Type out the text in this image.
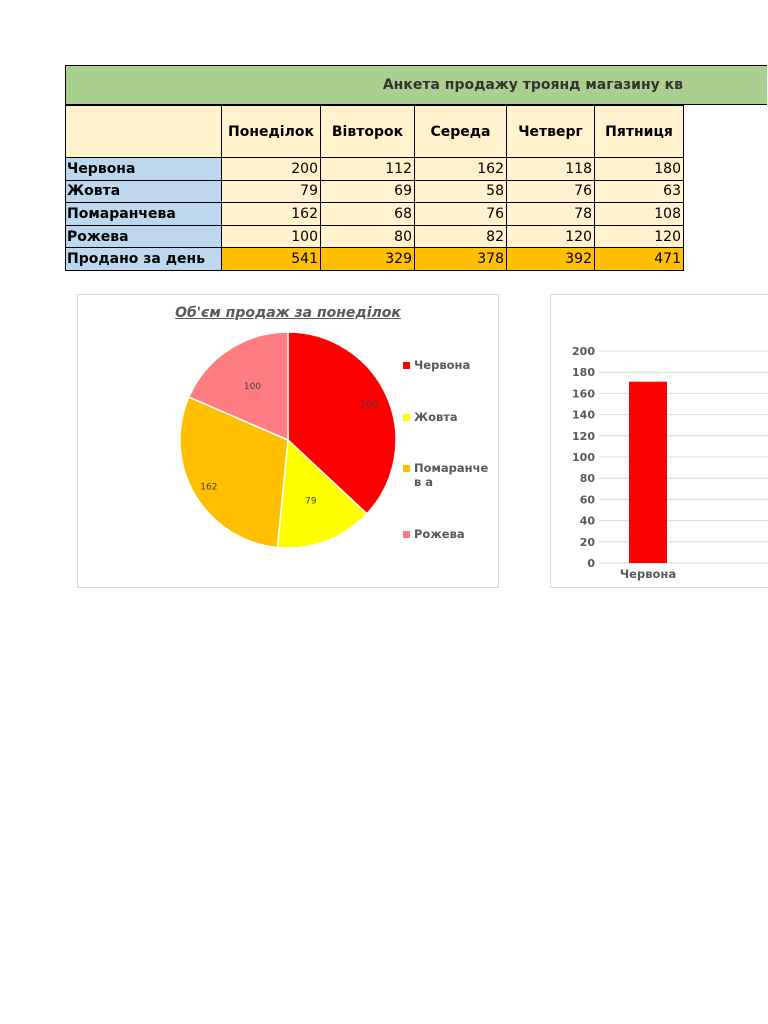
Анкета продажу троянд магазину кв
	Понеділок	Вівторок	Середа	Четверг	Пятниця
Червона	200	112	162	118	180
Жовта	79	69	58	76	63
Помаранчева	162	68	76	78	108
Рожева	100	80	82	120	120
Продано за день	541	329	378	392	471
Об'єм продаж за понеділок
200
79
162
100
Червона
Жовта
Помаранчев а
Рожева
0
20
40
60
80
100
120
140
160
180
200
Червона
